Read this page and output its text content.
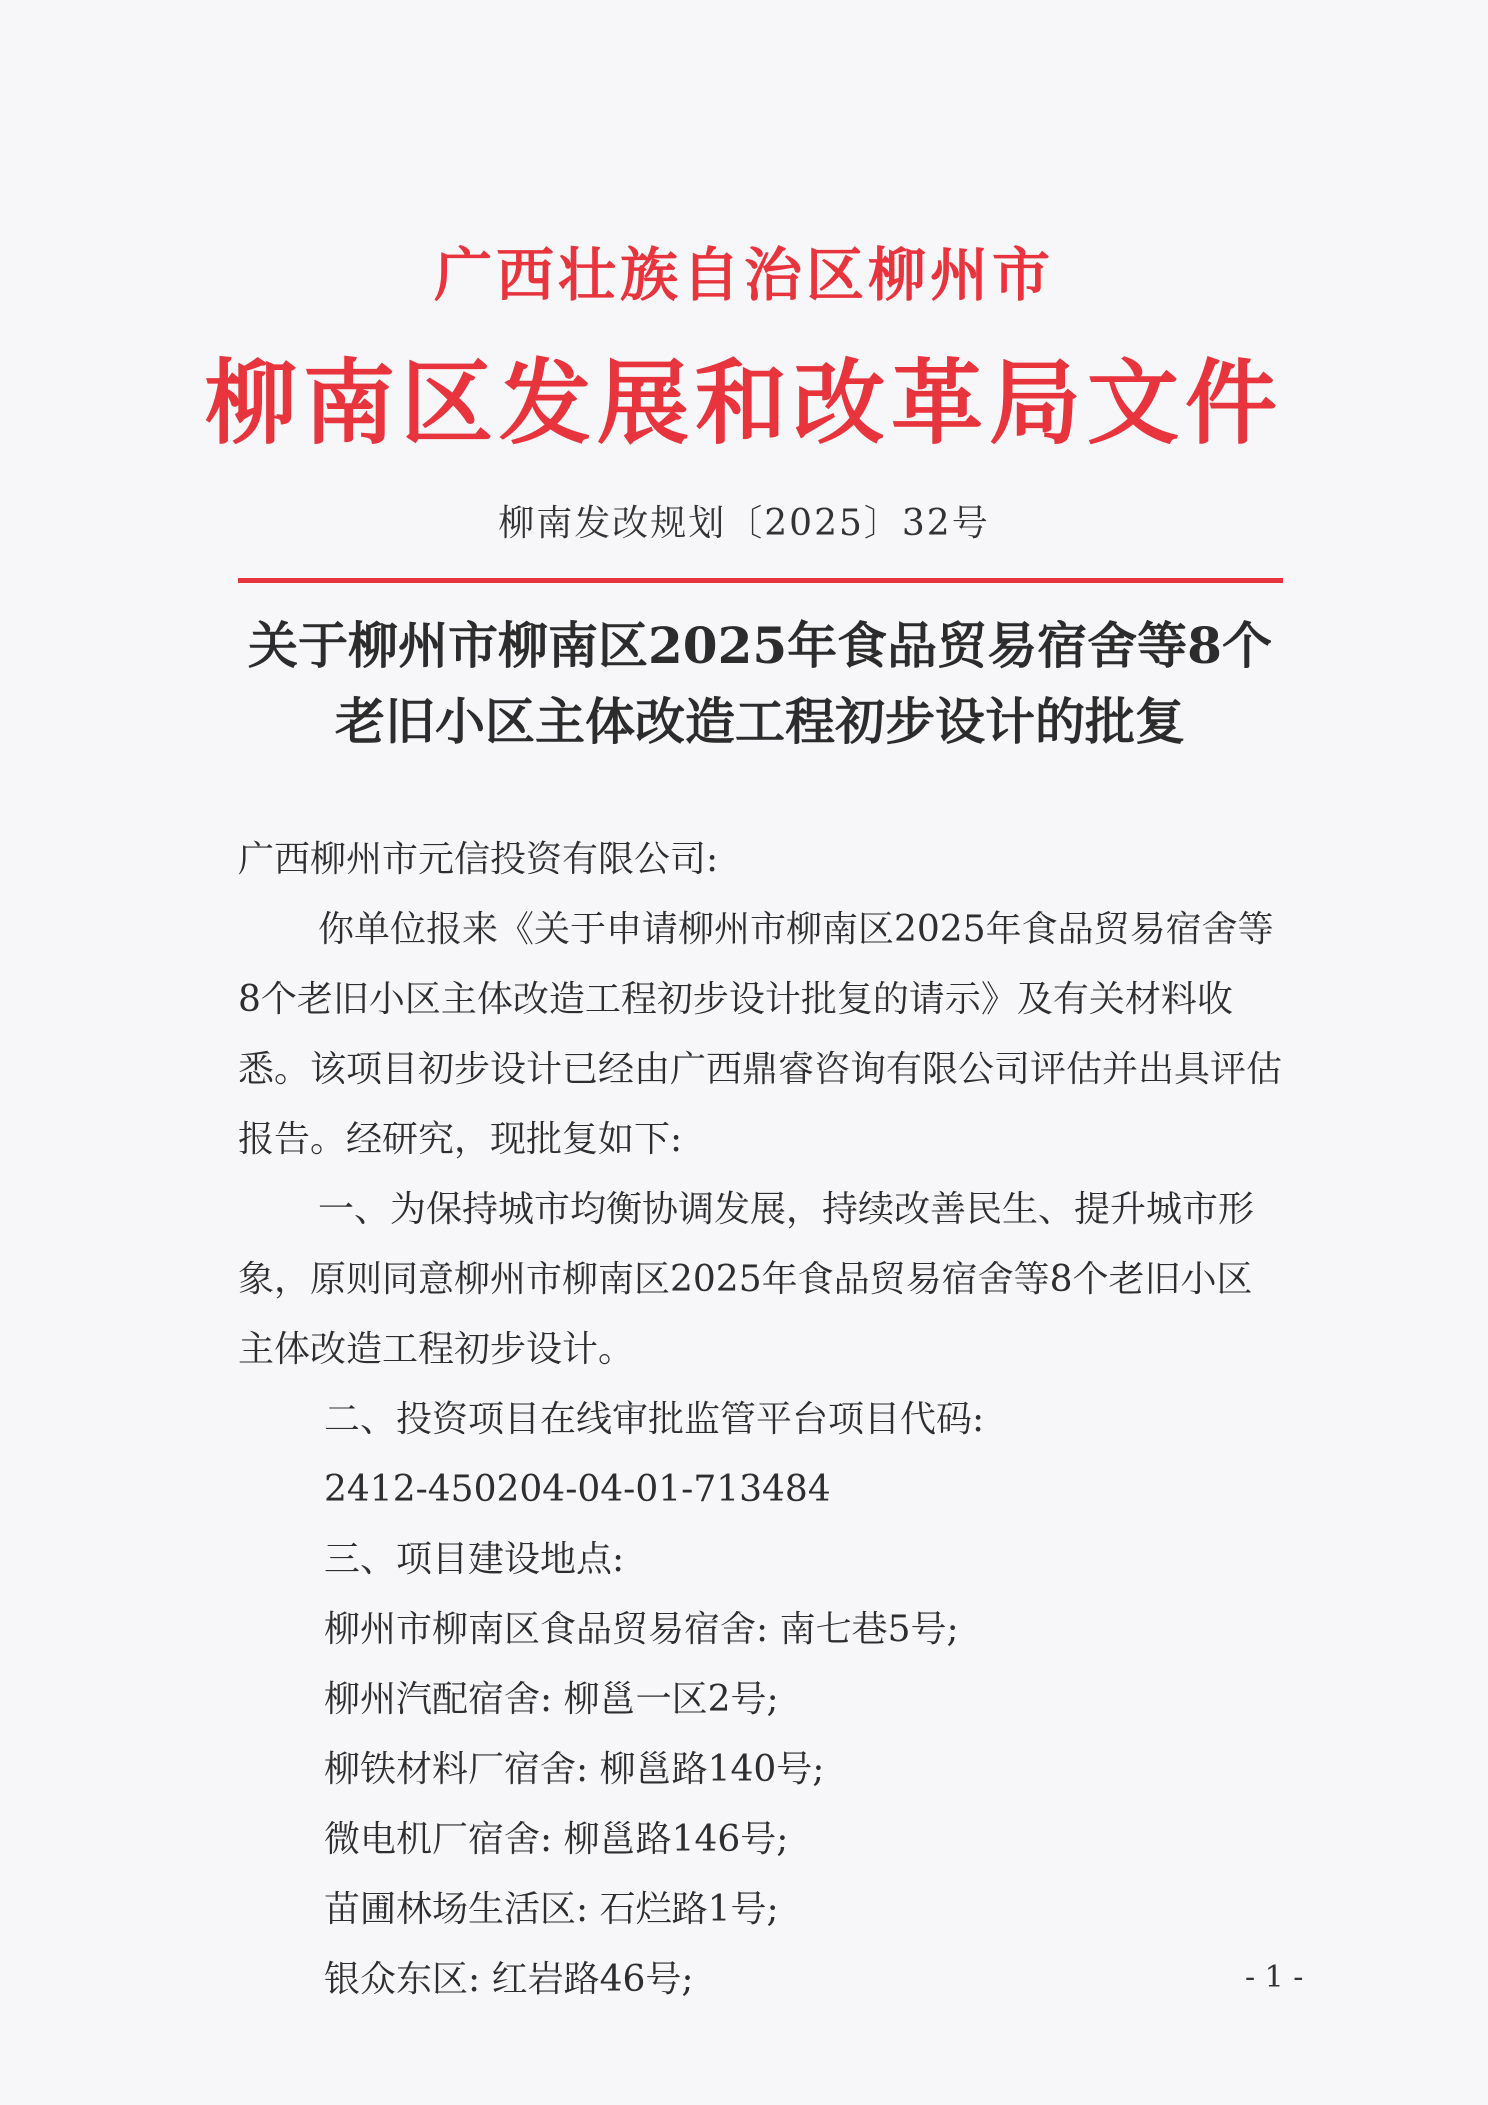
广西壮族自治区柳州市
柳南区发展和改革局文件
柳南发改规划〔2025〕32号
关于柳州市柳南区2025年食品贸易宿舍等8个老旧小区主体改造工程初步设计的批复

广西柳州市元信投资有限公司:

你单位报来《关于申请柳州市柳南区2025年食品贸易宿舍等8个老旧小区主体改造工程初步设计批复的请示》及有关材料收悉。该项目初步设计已经由广西鼎睿咨询有限公司评估并出具评估报告。经研究，现批复如下:

一、为保持城市均衡协调发展，持续改善民生、提升城市形象，原则同意柳州市柳南区2025年食品贸易宿舍等8个老旧小区主体改造工程初步设计。

二、投资项目在线审批监管平台项目代码:

2412-450204-04-01-713484

三、项目建设地点:

柳州市柳南区食品贸易宿舍: 南七巷5号;
柳州汽配宿舍: 柳邕一区2号;
柳铁材料厂宿舍: 柳邕路140号;
微电机厂宿舍: 柳邕路146号;
苗圃林场生活区: 石烂路1号;
银众东区: 红岩路46号;	- 1 -
